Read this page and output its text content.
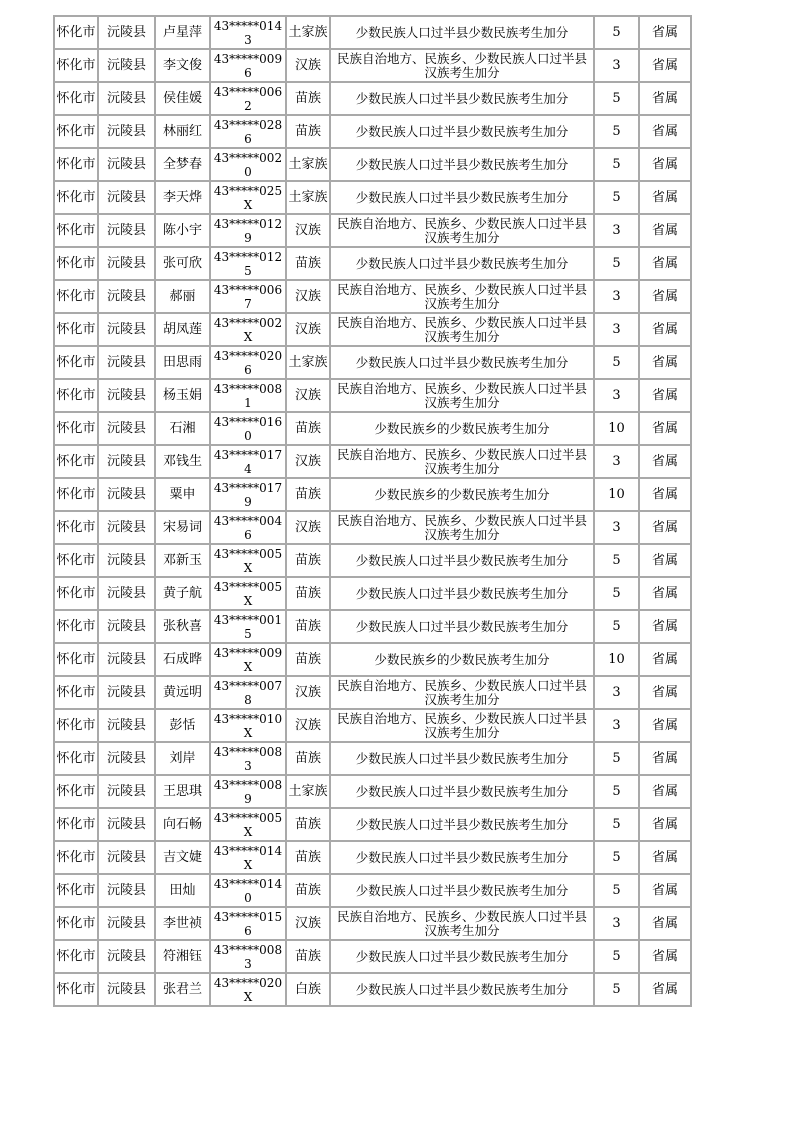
怀化市	沅陵县	卢星萍	43*****0143	土家族	少数民族人口过半县少数民族考生加分	5	省属
怀化市	沅陵县	李文俊	43*****0096	汉族	民族自治地方、民族乡、少数民族人口过半县汉族考生加分	3	省属
怀化市	沅陵县	侯佳媛	43*****0062	苗族	少数民族人口过半县少数民族考生加分	5	省属
怀化市	沅陵县	林丽红	43*****0286	苗族	少数民族人口过半县少数民族考生加分	5	省属
怀化市	沅陵县	全梦春	43*****0020	土家族	少数民族人口过半县少数民族考生加分	5	省属
怀化市	沅陵县	李天烨	43*****025X	土家族	少数民族人口过半县少数民族考生加分	5	省属
怀化市	沅陵县	陈小宇	43*****0129	汉族	民族自治地方、民族乡、少数民族人口过半县汉族考生加分	3	省属
怀化市	沅陵县	张可欣	43*****0125	苗族	少数民族人口过半县少数民族考生加分	5	省属
怀化市	沅陵县	郝丽	43*****0067	汉族	民族自治地方、民族乡、少数民族人口过半县汉族考生加分	3	省属
怀化市	沅陵县	胡凤莲	43*****002X	汉族	民族自治地方、民族乡、少数民族人口过半县汉族考生加分	3	省属
怀化市	沅陵县	田思雨	43*****0206	土家族	少数民族人口过半县少数民族考生加分	5	省属
怀化市	沅陵县	杨玉娟	43*****0081	汉族	民族自治地方、民族乡、少数民族人口过半县汉族考生加分	3	省属
怀化市	沅陵县	石湘	43*****0160	苗族	少数民族乡的少数民族考生加分	10	省属
怀化市	沅陵县	邓钱生	43*****0174	汉族	民族自治地方、民族乡、少数民族人口过半县汉族考生加分	3	省属
怀化市	沅陵县	粟申	43*****0179	苗族	少数民族乡的少数民族考生加分	10	省属
怀化市	沅陵县	宋易词	43*****0046	汉族	民族自治地方、民族乡、少数民族人口过半县汉族考生加分	3	省属
怀化市	沅陵县	邓新玉	43*****005X	苗族	少数民族人口过半县少数民族考生加分	5	省属
怀化市	沅陵县	黄子航	43*****005X	苗族	少数民族人口过半县少数民族考生加分	5	省属
怀化市	沅陵县	张秋喜	43*****0015	苗族	少数民族人口过半县少数民族考生加分	5	省属
怀化市	沅陵县	石成晔	43*****009X	苗族	少数民族乡的少数民族考生加分	10	省属
怀化市	沅陵县	黄远明	43*****0078	汉族	民族自治地方、民族乡、少数民族人口过半县汉族考生加分	3	省属
怀化市	沅陵县	彭恬	43*****010X	汉族	民族自治地方、民族乡、少数民族人口过半县汉族考生加分	3	省属
怀化市	沅陵县	刘岸	43*****0083	苗族	少数民族人口过半县少数民族考生加分	5	省属
怀化市	沅陵县	王思琪	43*****0089	土家族	少数民族人口过半县少数民族考生加分	5	省属
怀化市	沅陵县	向石畅	43*****005X	苗族	少数民族人口过半县少数民族考生加分	5	省属
怀化市	沅陵县	吉文婕	43*****014X	苗族	少数民族人口过半县少数民族考生加分	5	省属
怀化市	沅陵县	田灿	43*****0140	苗族	少数民族人口过半县少数民族考生加分	5	省属
怀化市	沅陵县	李世祯	43*****0156	汉族	民族自治地方、民族乡、少数民族人口过半县汉族考生加分	3	省属
怀化市	沅陵县	符湘钰	43*****0083	苗族	少数民族人口过半县少数民族考生加分	5	省属
怀化市	沅陵县	张君兰	43*****020X	白族	少数民族人口过半县少数民族考生加分	5	省属
